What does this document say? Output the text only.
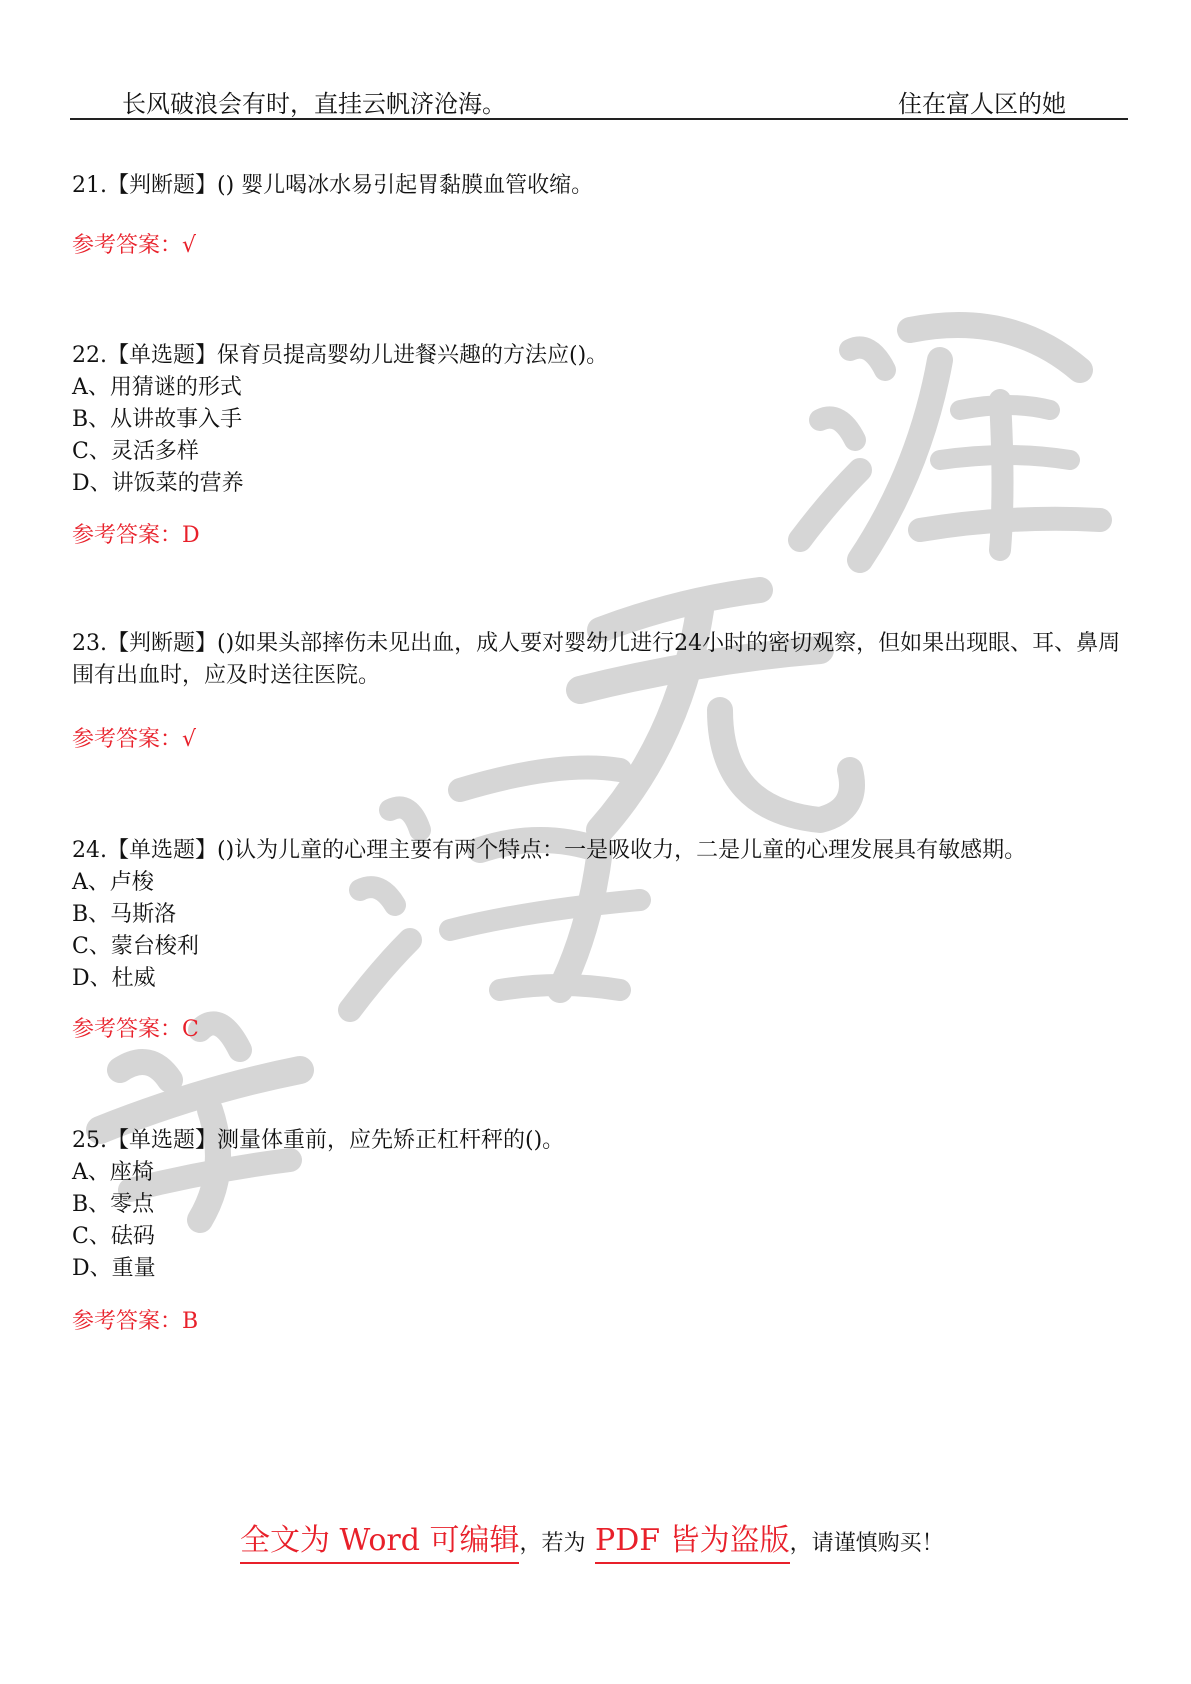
长风破浪会有时，直挂云帆济沧海。	住在富人区的她
21.【判断题】() 婴儿喝冰水易引起胃黏膜血管收缩。
参考答案：√
22.【单选题】保育员提高婴幼儿进餐兴趣的方法应()。
A、用猜谜的形式
B、从讲故事入手
C、灵活多样
D、讲饭菜的营养
参考答案：D
23.【判断题】()如果头部摔伤未见出血，成人要对婴幼儿进行24小时的密切观察，但如果出现眼、耳、鼻周围有出血时，应及时送往医院。
参考答案：√
24.【单选题】()认为儿童的心理主要有两个特点：一是吸收力，二是儿童的心理发展具有敏感期。
A、卢梭
B、马斯洛
C、蒙台梭利
D、杜威
参考答案：C
25.【单选题】测量体重前，应先矫正杠杆秤的()。
A、座椅
B、零点
C、砝码
D、重量
参考答案：B
全文为 Word 可编辑，若为 PDF 皆为盗版，请谨慎购买！
